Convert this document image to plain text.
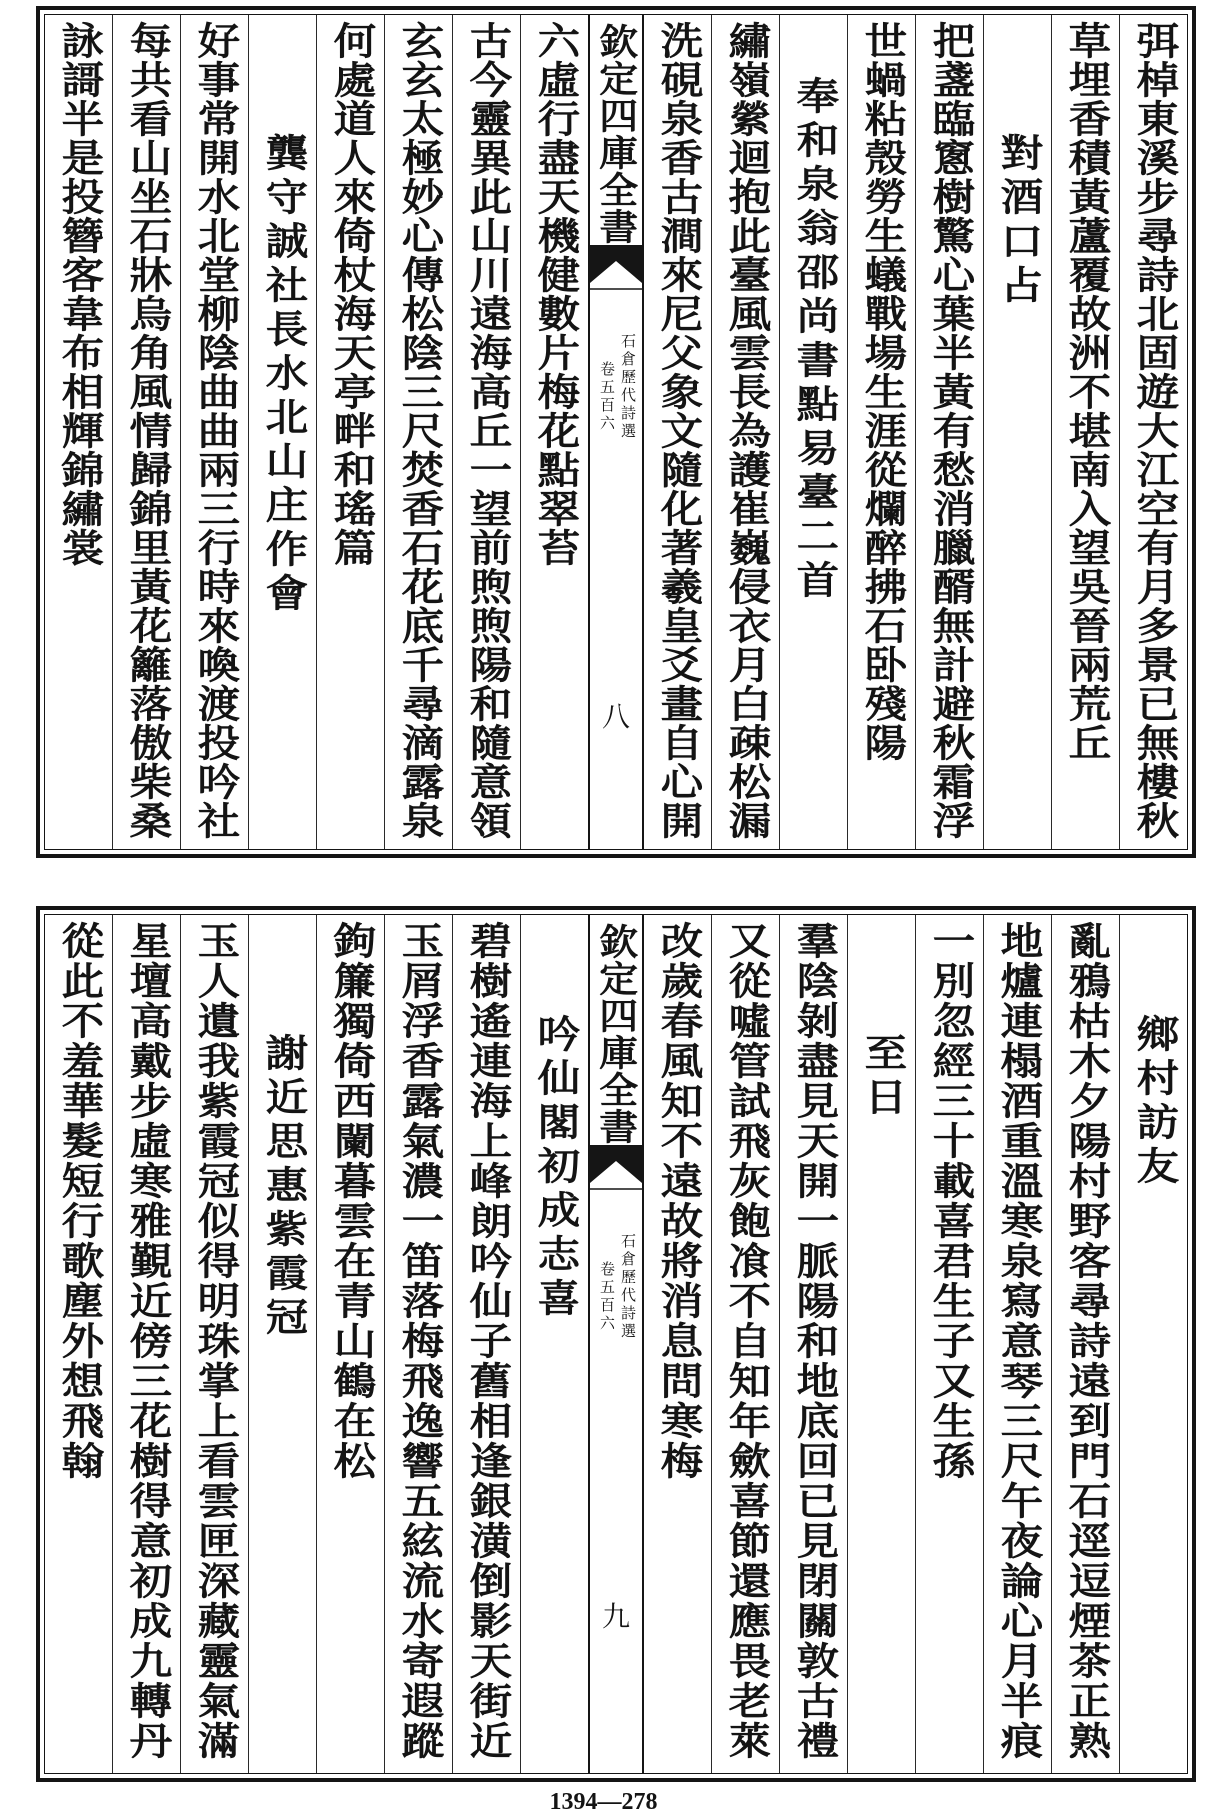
弭棹東溪步尋詩北固遊大江空有月多景已無樓秋
草埋香積黃蘆覆故洲不堪南入望吳晉兩荒丘
對酒口占
把盞臨窻樹驚心葉半黃有愁消臘醑無計避秋霜浮
世蝸粘殼勞生蟻戰場生涯從爛醉拂石卧殘陽
奉和泉翁邵尚書點易臺二首
繡嶺縈迴抱此臺風雲長為護崔巍侵衣月白疎松漏
洗硯泉香古澗來尼父象文隨化著羲皇爻畫自心開
欽定四庫全書
石倉歷代詩選
卷五百六
八
六虛行盡天機健數片梅花點翠苔
古今靈異此山川遠海高丘一望前煦煦陽和隨意領
玄玄太極妙心傳松陰三尺焚香石花底千尋滴露泉
何處道人來倚杖海天亭畔和瑤篇
龔守誠社長水北山庄作會
好事常開水北堂柳陰曲曲兩三行時來喚渡投吟社
每共看山坐石牀烏角風情歸錦里黃花籬落傲柴桑
詠謌半是投簪客韋布相輝錦繡裳
鄉村訪友
亂鴉枯木夕陽村野客尋詩遠到門石逕逗煙茶正熟
地爐連榻酒重溫寒泉寫意琴三尺午夜論心月半痕
一別忽經三十載喜君生子又生孫
至日
羣陰剝盡見天開一脈陽和地底回已見閉關敦古禮
又從噓管試飛灰飽飡不自知年歛喜節還應畏老萊
改歲春風知不遠故將消息問寒梅
欽定四庫全書
石倉歷代詩選
卷五百六
九
吟仙閣初成志喜
碧樹遙連海上峰朗吟仙子舊相逢銀潢倒影天街近
玉屑浮香露氣濃一笛落梅飛逸響五絃流水寄遐蹤
鉤簾獨倚西闌暮雲在青山鶴在松
謝近思惠紫霞冠
玉人遺我紫霞冠似得明珠掌上看雲匣深藏靈氣滿
星壇高戴步虛寒雅覲近傍三花樹得意初成九轉丹
從此不羞華髮短行歌塵外想飛翰
1394—278
